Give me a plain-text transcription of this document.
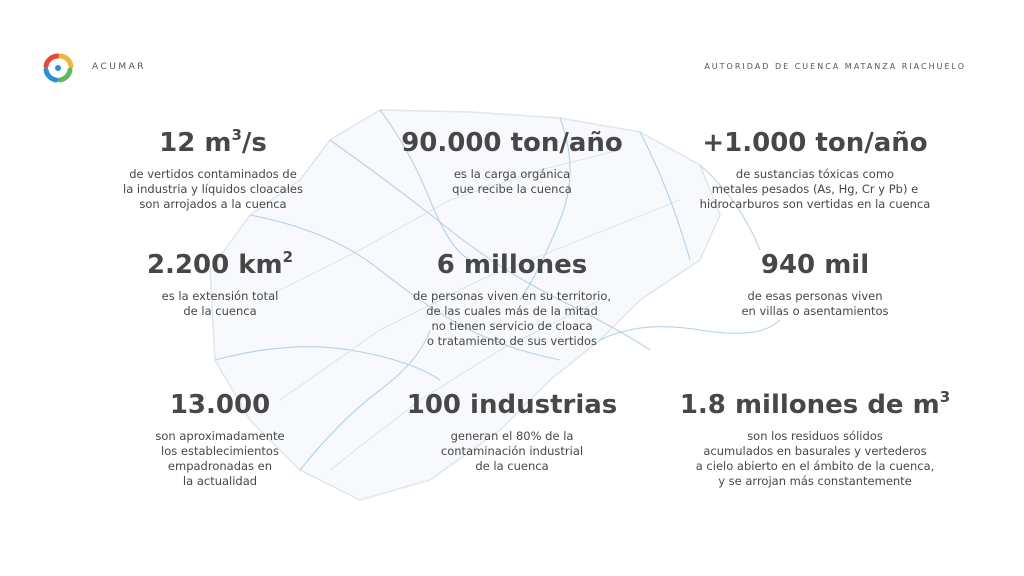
ACUMAR	AUTORIDAD DE CUENCA MATANZA RIACHUELO
12 $m^3/s$
de vertidos contaminados de
la industria y líquidos cloacales
son arrojados a la cuenca
90.000 ton/año
es la carga orgánica
que recibe la cuenca
+1.000 ton/año
de sustancias tóxicas como
metales pesados (As, Hg, Cr y Pb) e
hidrocarburos son vertidas en la cuenca
2.200 $km^2$
es la extensión total
de la cuenca
6 millones
de personas viven en su territorio,
de las cuales más de la mitad
no tienen servicio de cloaca
o tratamiento de sus vertidos
940 mil
de esas personas viven
en villas o asentamientos
13.000
son aproximadamente
los establecimientos
empadronadas en
la actualidad
100 industrias
generan el 80% de la
contaminación industrial
de la cuenca
1.8 millones de $m^3$
son los residuos sólidos
acumulados en basurales y vertederos
a cielo abierto en el ámbito de la cuenca,
y se arrojan más constantemente
